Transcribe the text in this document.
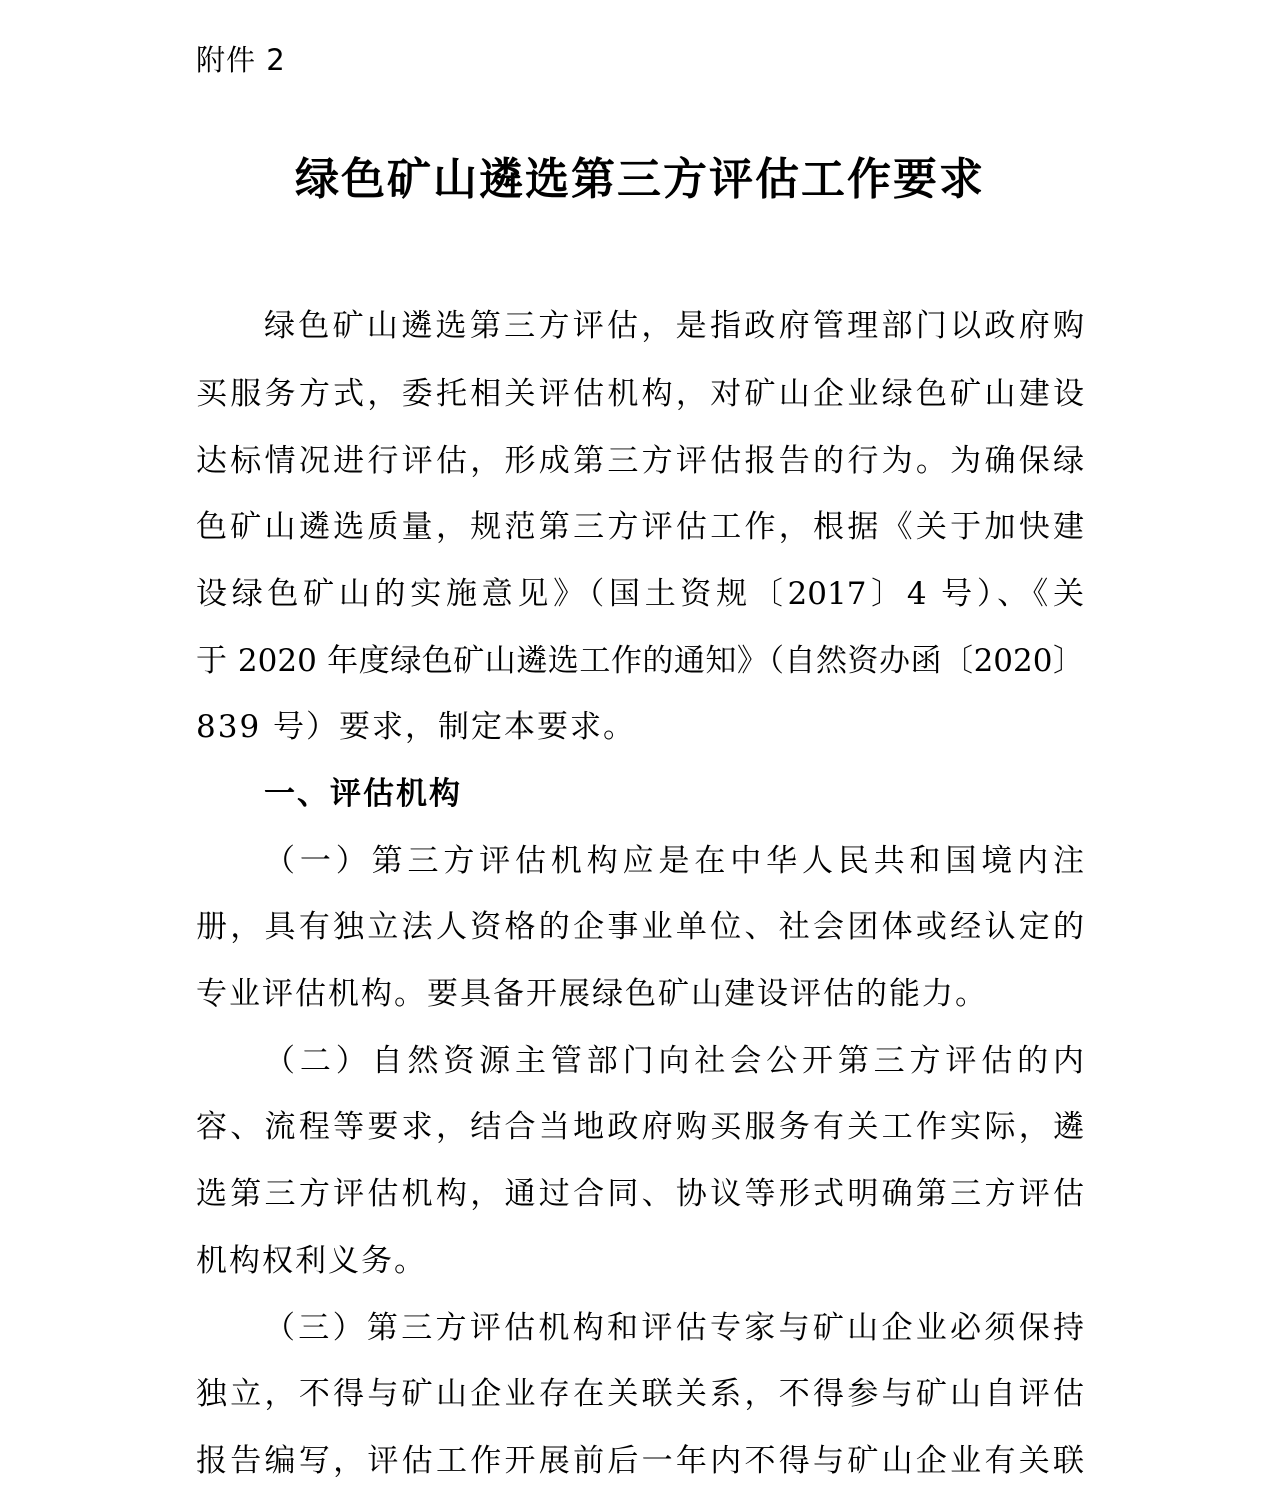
附件 2
绿色矿山遴选第三方评估工作要求
绿色矿山遴选第三方评估，是指政府管理部门以政府购
买服务方式，委托相关评估机构，对矿山企业绿色矿山建设
达标情况进行评估，形成第三方评估报告的行为。为确保绿
色矿山遴选质量，规范第三方评估工作，根据《关于加快建
设绿色矿山的实施意见》（国土资规〔2017〕4 号）、《关
于 2020 年度绿色矿山遴选工作的通知》（自然资办函〔2020〕
839 号）要求，制定本要求。
一、评估机构
（一）第三方评估机构应是在中华人民共和国境内注
册，具有独立法人资格的企事业单位、社会团体或经认定的
专业评估机构。要具备开展绿色矿山建设评估的能力。
（二）自然资源主管部门向社会公开第三方评估的内
容、流程等要求，结合当地政府购买服务有关工作实际，遴
选第三方评估机构，通过合同、协议等形式明确第三方评估
机构权利义务。
（三）第三方评估机构和评估专家与矿山企业必须保持
独立，不得与矿山企业存在关联关系，不得参与矿山自评估
报告编写，评估工作开展前后一年内不得与矿山企业有关联
